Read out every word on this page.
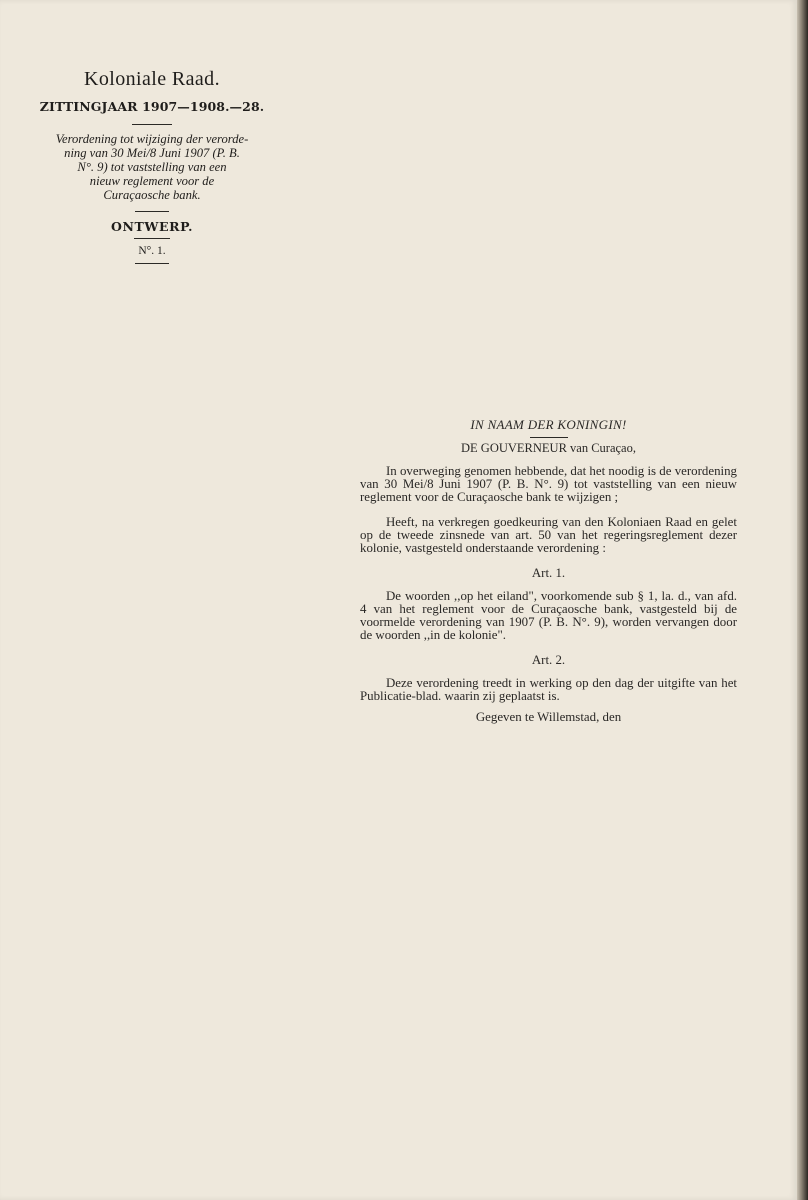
Koloniale Raad.
ZITTINGJAAR 1907—1908.—28.
Verordening tot wijziging der verorde-
ning van 30 Mei/8 Juni 1907 (P. B.
N°. 9) tot vaststelling van een
nieuw reglement voor de
Curaçaosche bank.
ONTWERP.
N°. 1.
IN NAAM DER KONINGIN!
DE GOUVERNEUR van Curaçao,

In overweging genomen hebbende, dat het noodig is de verordening van 30 Mei/8 Juni 1907 (P. B. N°. 9) tot vaststelling van een nieuw reglement voor de Curaçaosche bank te wijzigen ;

Heeft, na verkregen goedkeuring van den Koloniaen Raad en gelet op de tweede zinsnede van art. 50 van het regeringsreglement dezer kolonie, vastgesteld onderstaande verordening :

Art. 1.

De woorden ,,op het eiland", voorkomende sub § 1, la. d., van afd. 4 van het reglement voor de Curaçaosche bank, vastgesteld bij de voormelde verordening van 1907 (P. B. N°. 9), worden vervangen door de woorden ,,in de kolonie".

Art. 2.

Deze verordening treedt in werking op den dag der uitgifte van het Publicatie-blad. waarin zij geplaatst is.

Gegeven te Willemstad, den
